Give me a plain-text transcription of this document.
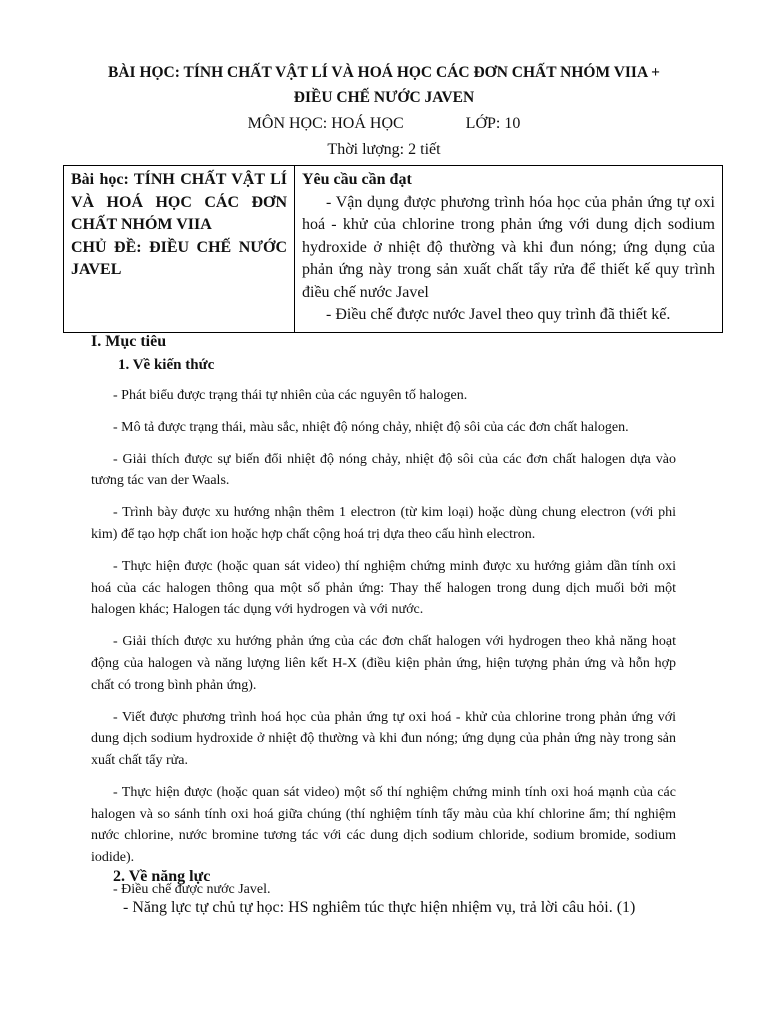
BÀI HỌC: TÍNH CHẤT VẬT LÍ VÀ HOÁ HỌC CÁC ĐƠN CHẤT NHÓM VIIA +
ĐIỀU CHẾ NƯỚC JAVEN
MÔN HỌC: HOÁ HỌC	LỚP: 10
Thời lượng: 2 tiết
Bài học: TÍNH CHẤT VẬT LÍ VÀ HOÁ HỌC CÁC ĐƠN CHẤT NHÓM VIIA
CHỦ ĐỀ: ĐIỀU CHẾ NƯỚC JAVEL

Yêu cầu cần đạt
- Vận dụng được phương trình hóa học của phản ứng tự oxi hoá - khử của chlorine trong phản ứng với dung dịch sodium hydroxide ở nhiệt độ thường và khi đun nóng; ứng dụng của phản ứng này trong sản xuất chất tẩy rửa để thiết kế quy trình điều chế nước Javel
- Điều chế được nước Javel theo quy trình đã thiết kế.
I. Mục tiêu
1. Về kiến thức

- Phát biểu được trạng thái tự nhiên của các nguyên tố halogen.

- Mô tả được trạng thái, màu sắc, nhiệt độ nóng chảy, nhiệt độ sôi của các đơn chất halogen.

- Giải thích được sự biến đổi nhiệt độ nóng chảy, nhiệt độ sôi của các đơn chất halogen dựa vào tương tác van der Waals.

- Trình bày được xu hướng nhận thêm 1 electron (từ kim loại) hoặc dùng chung electron (với phi kim) để tạo hợp chất ion hoặc hợp chất cộng hoá trị dựa theo cấu hình electron.

- Thực hiện được (hoặc quan sát video) thí nghiệm chứng minh được xu hướng giảm dần tính oxi hoá của các halogen thông qua một số phản ứng: Thay thế halogen trong dung dịch muối bởi một halogen khác; Halogen tác dụng với hydrogen và với nước.

- Giải thích được xu hướng phản ứng của các đơn chất halogen với hydrogen theo khả năng hoạt động của halogen và năng lượng liên kết H-X (điều kiện phản ứng, hiện tượng phản ứng và hỗn hợp chất có trong bình phản ứng).

- Viết được phương trình hoá học của phản ứng tự oxi hoá - khử của chlorine trong phản ứng với dung dịch sodium hydroxide ở nhiệt độ thường và khi đun nóng; ứng dụng của phản ứng này trong sản xuất chất tẩy rửa.

- Thực hiện được (hoặc quan sát video) một số thí nghiệm chứng minh tính oxi hoá mạnh của các halogen và so sánh tính oxi hoá giữa chúng (thí nghiệm tính tẩy màu của khí chlorine ẩm; thí nghiệm nước chlorine, nước bromine tương tác với các dung dịch sodium chloride, sodium bromide, sodium iodide).

- Điều chế được nước Javel.

2. Về năng lực
- Năng lực tự chủ tự học: HS nghiêm túc thực hiện nhiệm vụ, trả lời câu hỏi. (1)
